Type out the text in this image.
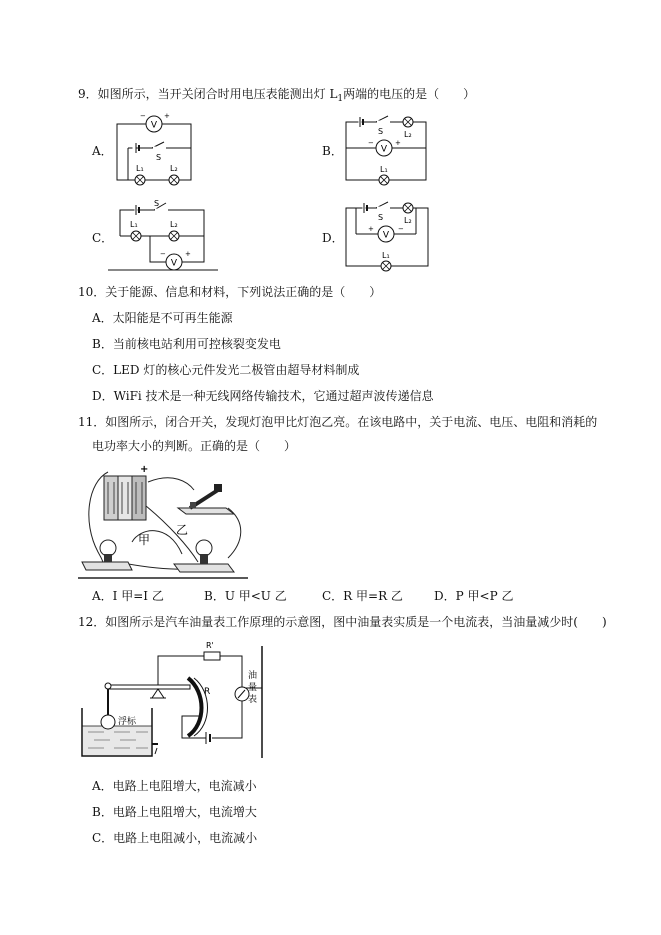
9．如图所示，当开关闭合时用电压表能测出灯 $L_1$两端的电压的是（　　）
A．
V
+
−
S
L₁	L₂
B．
S	L₂
V
−	+
L₁
C．
S
L₁	L₂
V
−	+
D．
S	L₂
V
+	−
L₁
10．关于能源、信息和材料，下列说法正确的是（　　）
A．太阳能是不可再生能源
B．当前核电站利用可控核裂变发电
C．LED 灯的核心元件发光二极管由超导材料制成
D．WiFi 技术是一种无线网络传输技术，它通过超声波传递信息
11．如图所示，闭合开关，发现灯泡甲比灯泡乙亮。在该电路中，关于电流、电压、电阻和消耗的
电功率大小的判断。正确的是（　　）
+
甲
乙
A．I 甲=I 乙	B．U 甲<U 乙	C．R 甲=R 乙	D．P 甲<P 乙
12．如图所示是汽车油量表工作原理的示意图，图中油量表实质是一个电流表，当油量减少时(　　)
R'
R
油
量
表
浮标
A．电路上电阻增大，电流减小
B．电路上电阻增大，电流增大
C．电路上电阻减小，电流减小
